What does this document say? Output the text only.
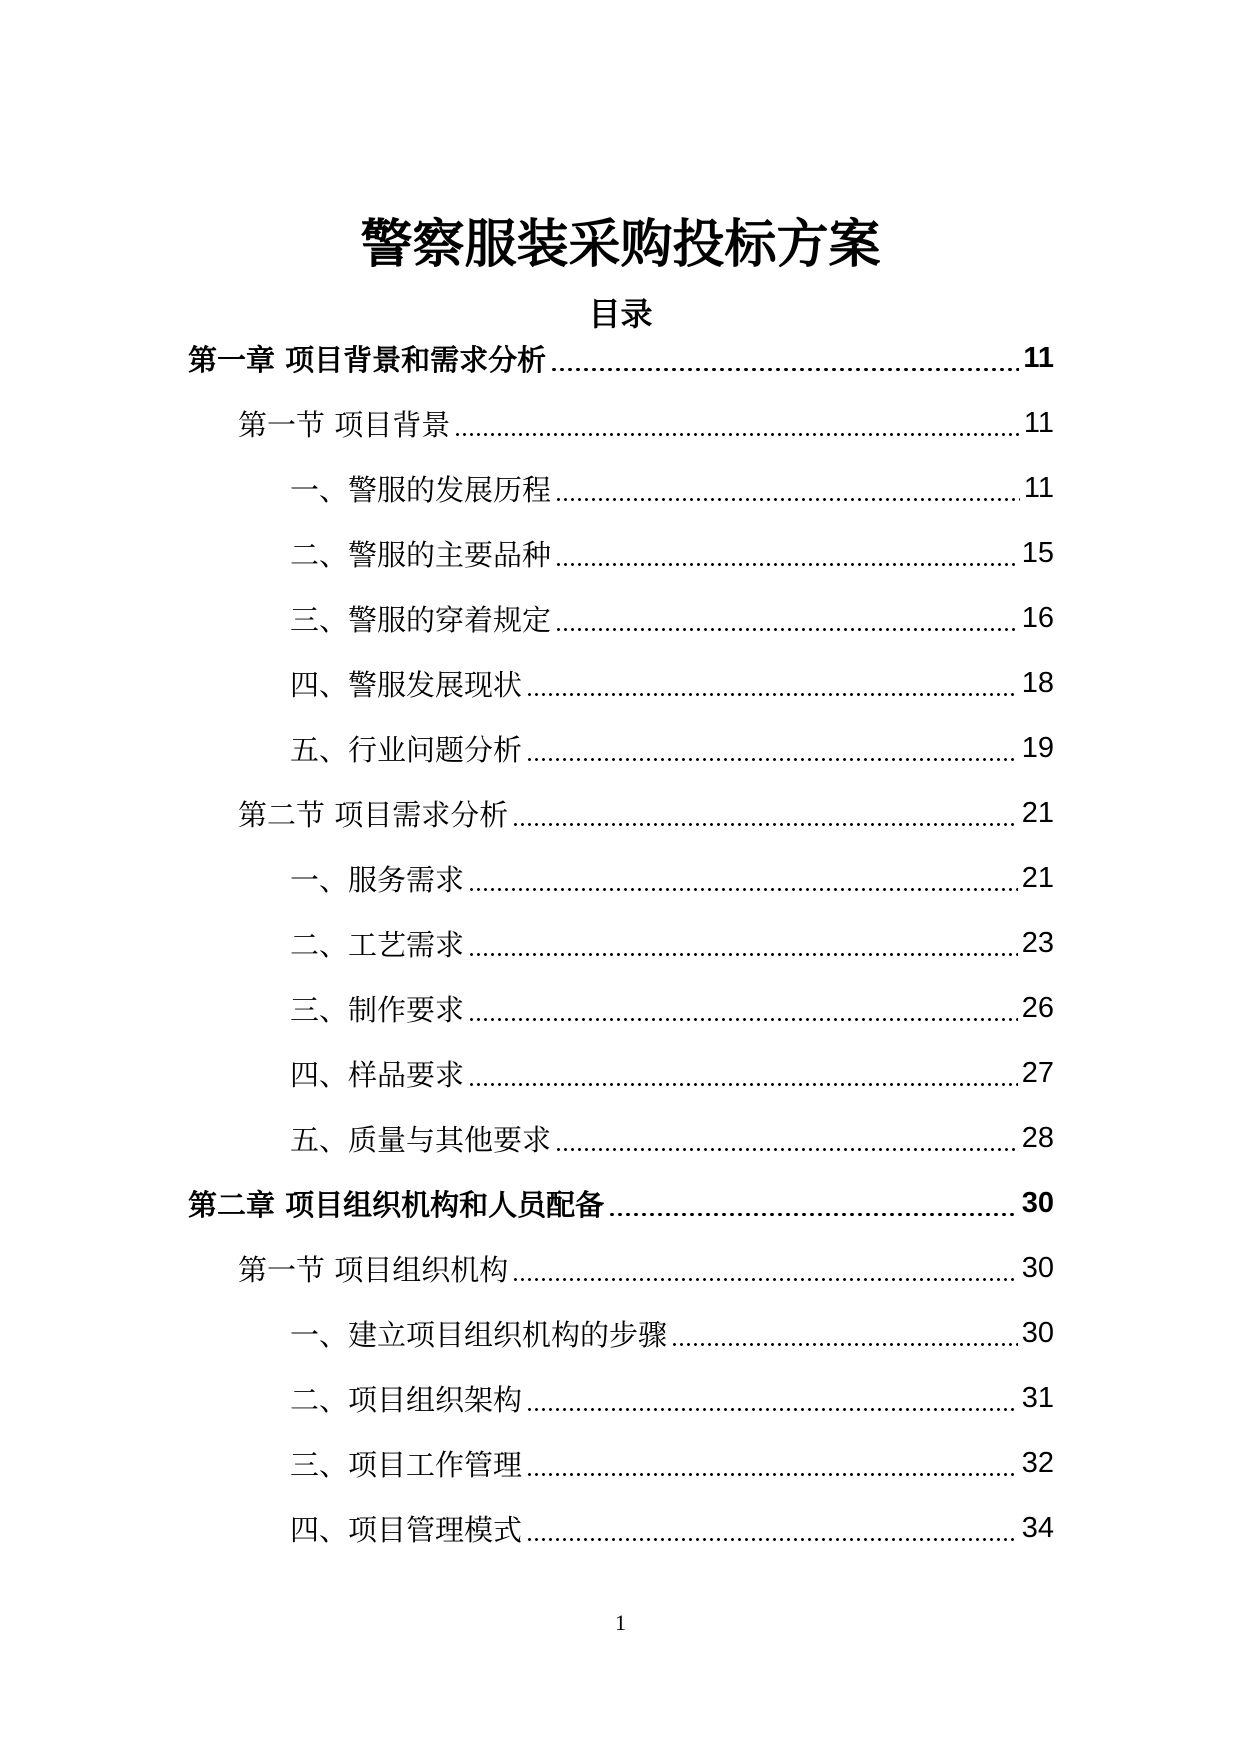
警察服装采购投标方案
目录
第一章 项目背景和需求分析	11
第一节 项目背景	11
一、警服的发展历程	11
二、警服的主要品种	15
三、警服的穿着规定	16
四、警服发展现状	18
五、行业问题分析	19
第二节 项目需求分析	21
一、服务需求	21
二、工艺需求	23
三、制作要求	26
四、样品要求	27
五、质量与其他要求	28
第二章 项目组织机构和人员配备	30
第一节 项目组织机构	30
一、建立项目组织机构的步骤	30
二、项目组织架构	31
三、项目工作管理	32
四、项目管理模式	34
1
